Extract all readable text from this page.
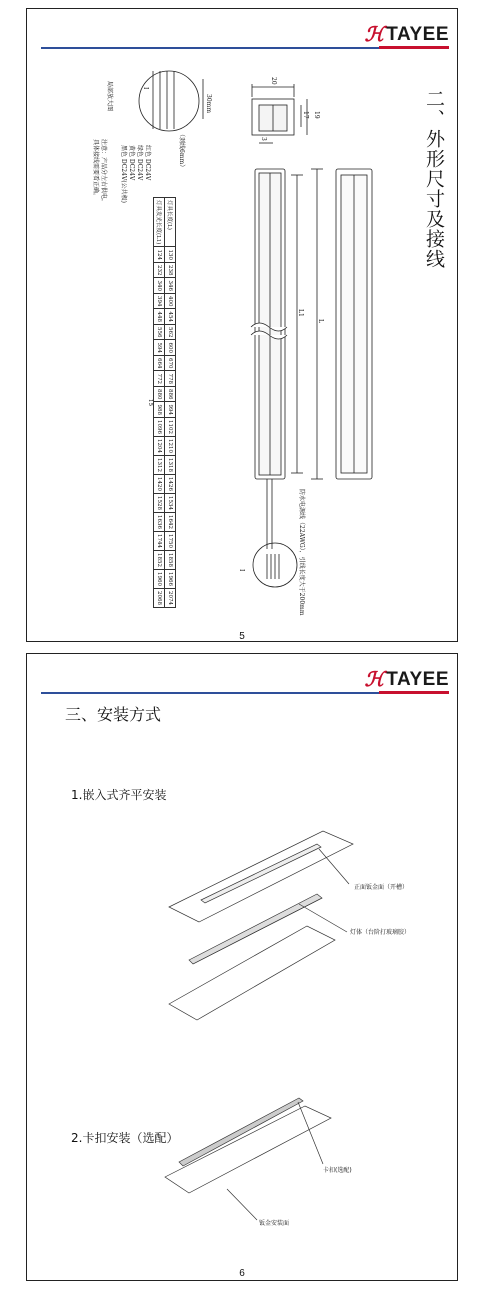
ℋ TAYEE
二、外形尺寸及接线
20
19
17
3
L1
L
30mm
防水电源线（22AWG），引线长度大于200mm
I
I
局部放大图
（剥线6mm）
红色 DC24V
绿色 DC24V
黄色 DC24V
黑色 DC24V(公共极)
注意：产品分左右供电，
具体接线需要看正确。
灯具长度(L)	130	238	346	400	454	562	600	670	778	886	994	1102	1210	1318	1426	1534	1642	1750	1858	1966	2074
灯具发光长度(L1)	124	232	340	394	448	556	594	664	772	880	988	1096	1204	1312	1420	1528	1636	1744	1852	1960	2068
15
5
ℋ TAYEE
三、安装方式
1.嵌入式齐平安装
正面钣金面（开槽）
灯体（台阶打玻璃胶）
2.卡扣安装（选配）
卡扣(选配)
钣金安装面
6
